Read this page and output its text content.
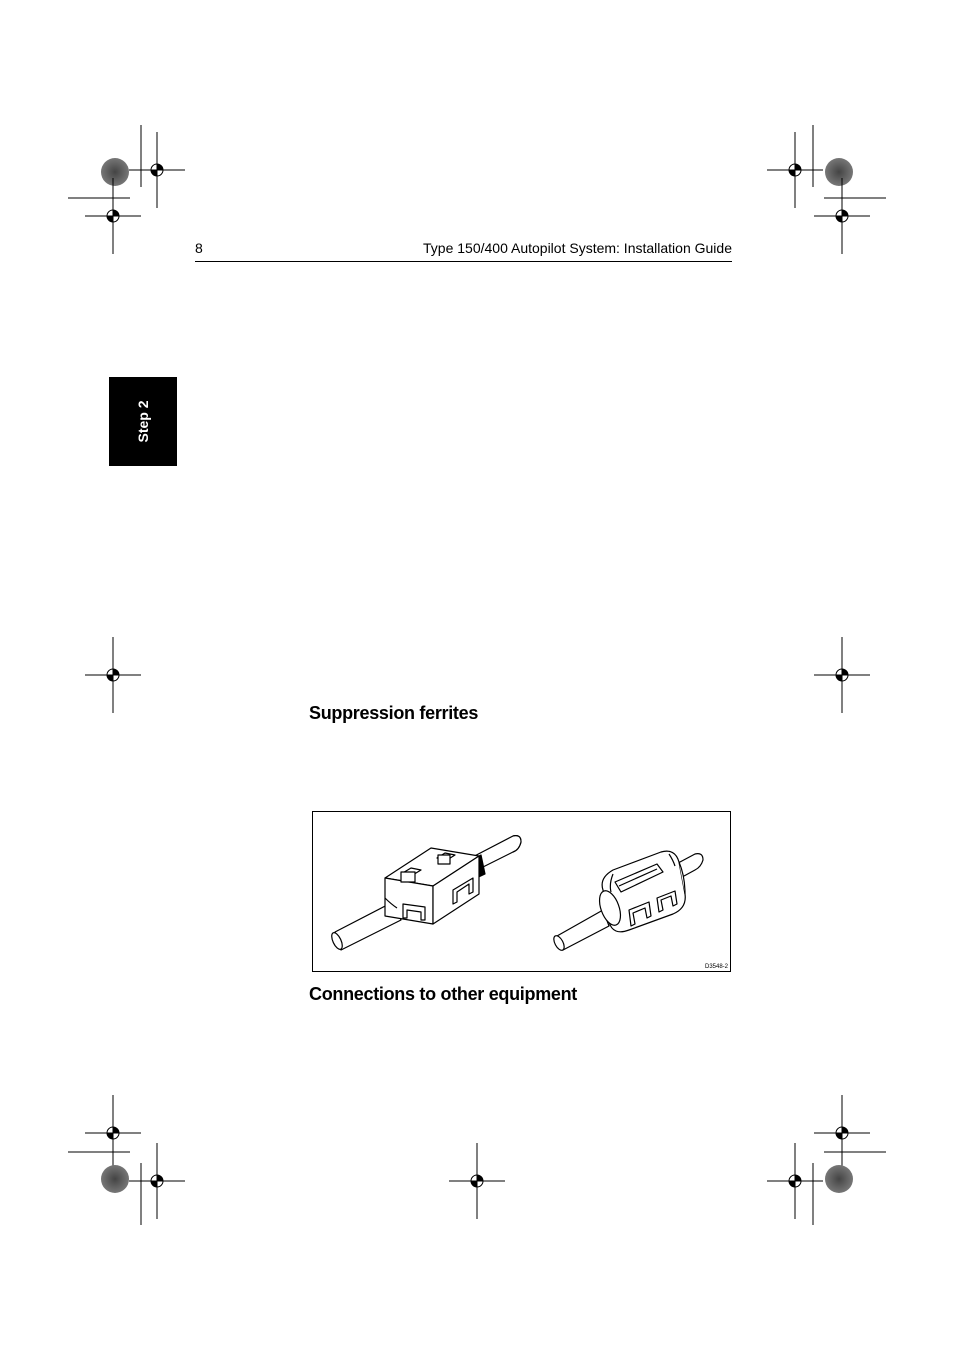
8	Type 150/400 Autopilot System: Installation Guide
Step 2
Suppression ferrites
D3548-2
Connections to other equipment
